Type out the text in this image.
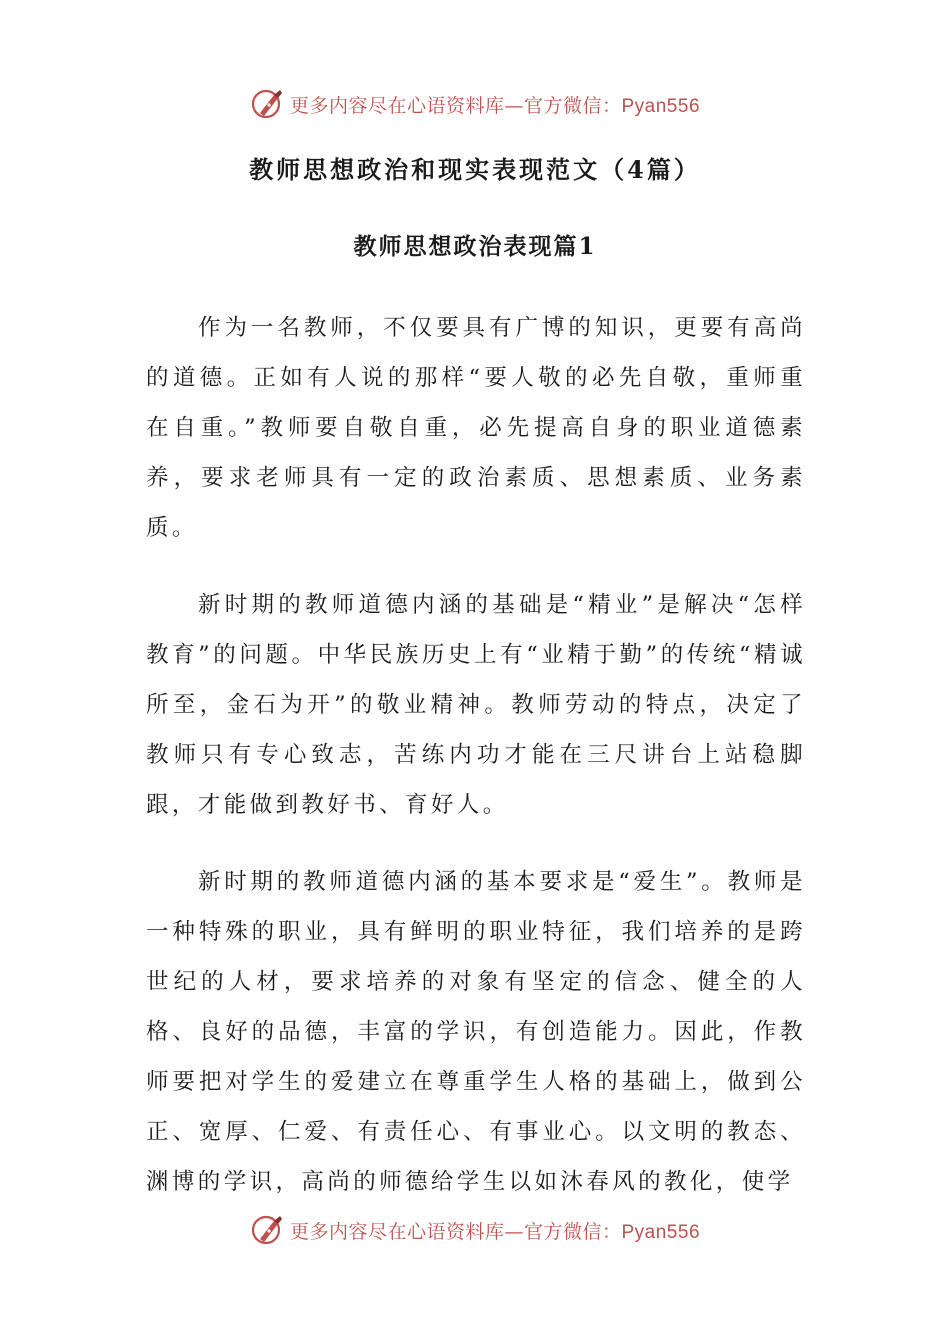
更多内容尽在心语资料库—官方微信：Pyan556
教师思想政治和现实表现范文（4篇）
教师思想政治表现篇1

作为一名教师，不仅要具有广博的知识，更要有高尚的道德。正如有人说的那样“要人敬的必先自敬，重师重在自重。”教师要自敬自重，必先提高自身的职业道德素养，要求老师具有一定的政治素质、思想素质、业务素质。

新时期的教师道德内涵的基础是“精业”是解决“怎样教育”的问题。中华民族历史上有“业精于勤”的传统“精诚所至，金石为开”的敬业精神。教师劳动的特点，决定了教师只有专心致志，苦练内功才能在三尺讲台上站稳脚跟，才能做到教好书、育好人。

新时期的教师道德内涵的基本要求是“爱生”。教师是一种特殊的职业，具有鲜明的职业特征，我们培养的是跨世纪的人材，要求培养的对象有坚定的信念、健全的人格、良好的品德，丰富的学识，有创造能力。因此，作教师要把对学生的爱建立在尊重学生人格的基础上，做到公正、宽厚、仁爱、有责任心、有事业心。以文明的教态、渊博的学识，高尚的师德给学生以如沐春风的教化，使学

更多内容尽在心语资料库—官方微信：Pyan556
